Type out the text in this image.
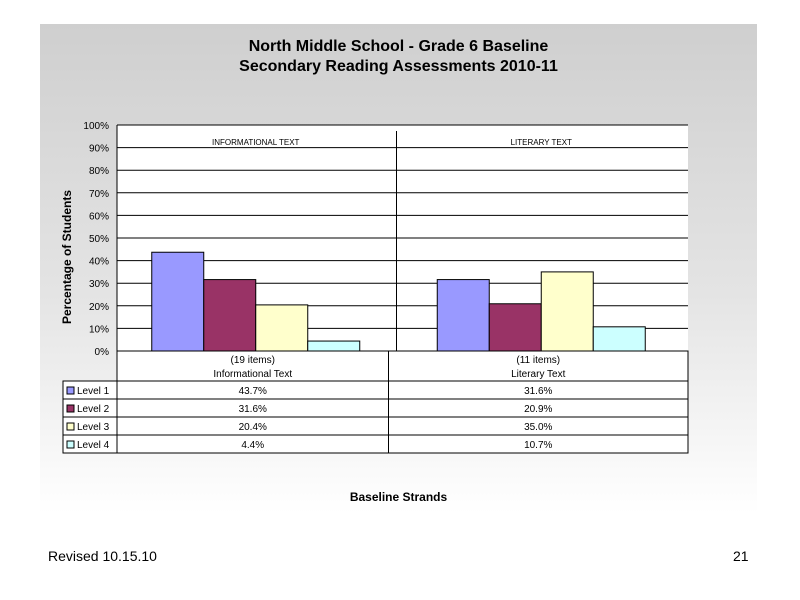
North Middle School - Grade 6 Baseline
Secondary Reading Assessments 2010-11
Percentage of Students
Baseline Strands
0%
10%
20%
30%
40%
50%
60%
70%
80%
90%
100%
INFORMATIONAL TEXT	LITERARY TEXT
(19 items)
Informational Text
(11 items)
Literary Text
Level 1	43.7%	31.6%
Level 2	31.6%	20.9%
Level 3	20.4%	35.0%
Level 4	4.4%	10.7%
Revised 10.15.10	21
